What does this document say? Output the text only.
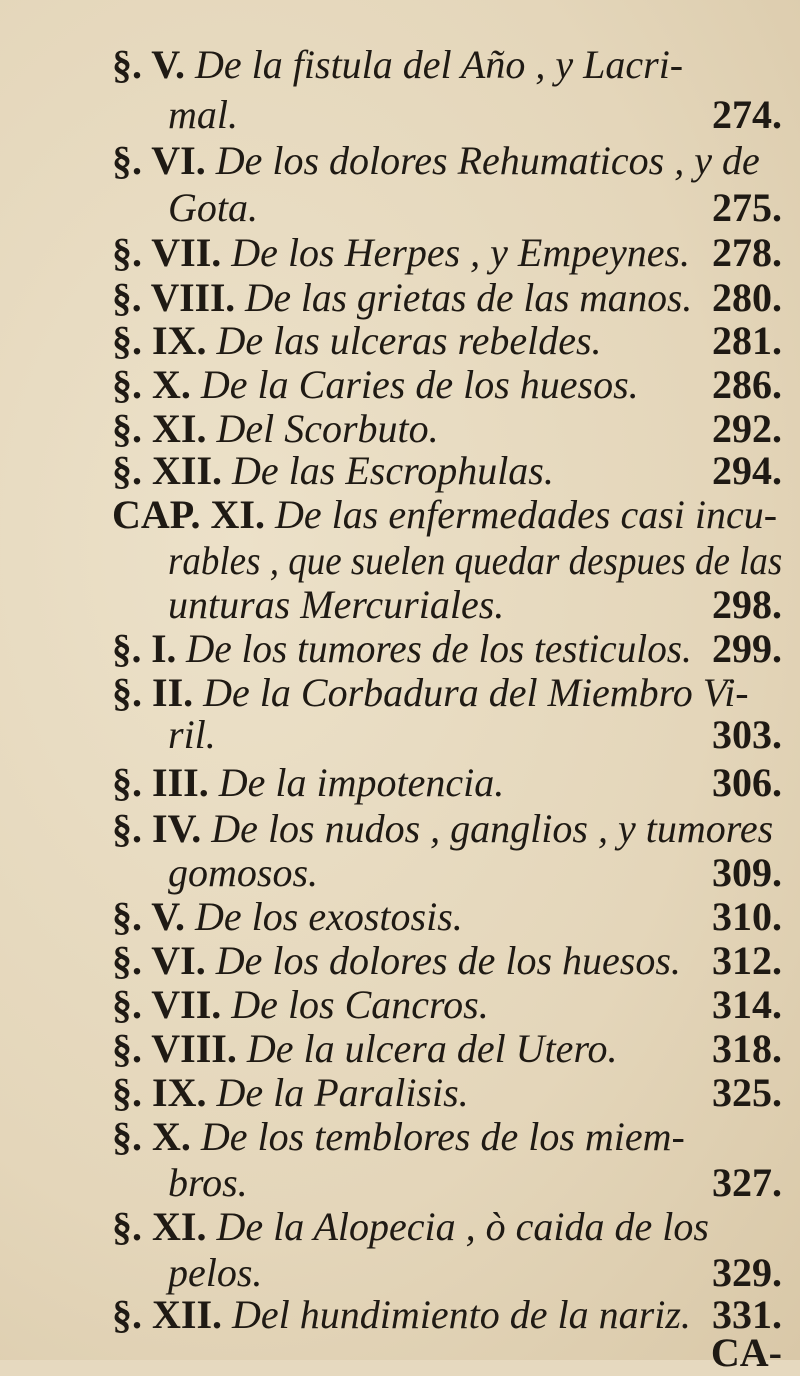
§. V. De la fistula del Año , y Lacri-
mal.	274.
§. VI. De los dolores Rehumaticos , y de
Gota.	275.
§. VII. De los Herpes , y Empeynes. 278.
§. VIII. De las grietas de las manos. 280.
§. IX. De las ulceras rebeldes.	281.
§. X. De la Caries de los huesos. 286.
§. XI. Del Scorbuto.	292.
§. XII. De las Escrophulas.	294.
CAP. XI. De las enfermedades casi incu-
rables , que suelen quedar despues de las
unturas Mercuriales.	298.
§. I. De los tumores de los testiculos. 299.
§. II. De la Corbadura del Miembro Vi-
ril.	303.
§. III. De la impotencia.	306.
§. IV. De los nudos , ganglios , y tumores
gomosos.	309.
§. V. De los exostosis.	310.
§. VI. De los dolores de los huesos. 312.
§. VII. De los Cancros.	314.
§. VIII. De la ulcera del Utero. 318.
§. IX. De la Paralisis.	325.
§. X. De los temblores de los miem-
bros.	327.
§. XI. De la Alopecia , ò caida de los
pelos.	329.
§. XII. Del hundimiento de la nariz. 331.
CA-
